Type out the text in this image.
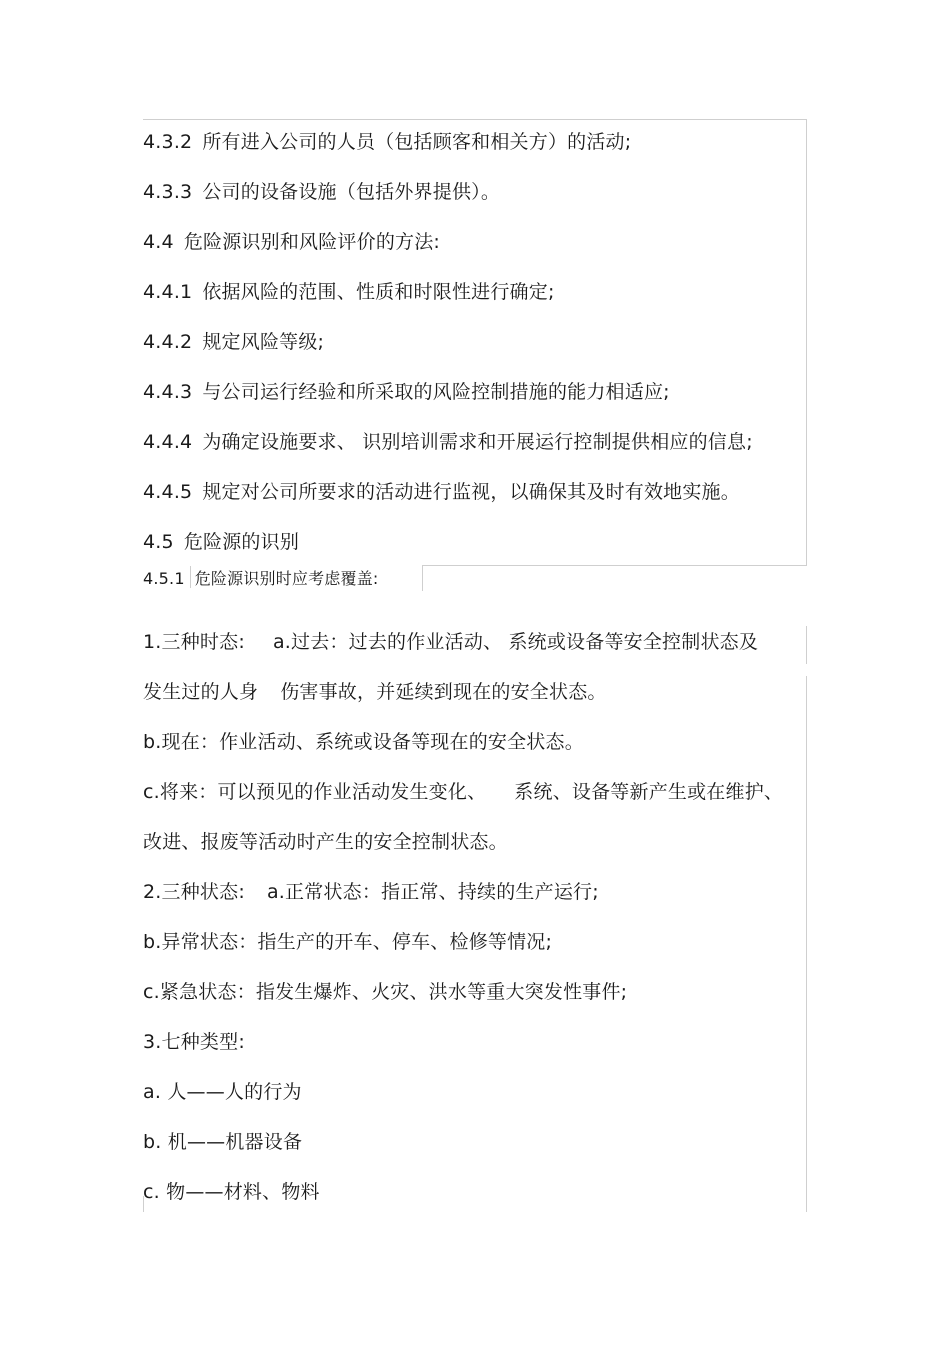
4.3.2 所有进入公司的人员（包括顾客和相关方）的活动;
4.3.3 公司的设备设施（包括外界提供）。
4.4 危险源识别和风险评价的方法:
4.4.1 依据风险的范围、性质和时限性进行确定;
4.4.2 规定风险等级;
4.4.3 与公司运行经验和所采取的风险控制措施的能力相适应;
4.4.4 为确定设施要求、 识别培训需求和开展运行控制提供相应的信息;
4.4.5 规定对公司所要求的活动进行监视，以确保其及时有效地实施。
4.5 危险源的识别
4.5.1 危险源识别时应考虑覆盖:
1.三种时态: a.过去：过去的作业活动、 系统或设备等安全控制状态及
发生过的人身 伤害事故，并延续到现在的安全状态。
b.现在：作业活动、系统或设备等现在的安全状态。
c.将来：可以预见的作业活动发生变化、 系统、设备等新产生或在维护、
改进、报废等活动时产生的安全控制状态。
2.三种状态: a.正常状态：指正常、持续的生产运行;
b.异常状态：指生产的开车、停车、检修等情况;
c.紧急状态：指发生爆炸、火灾、洪水等重大突发性事件;
3.七种类型:
a. 人——人的行为
b. 机——机器设备
c. 物——材料、物料
